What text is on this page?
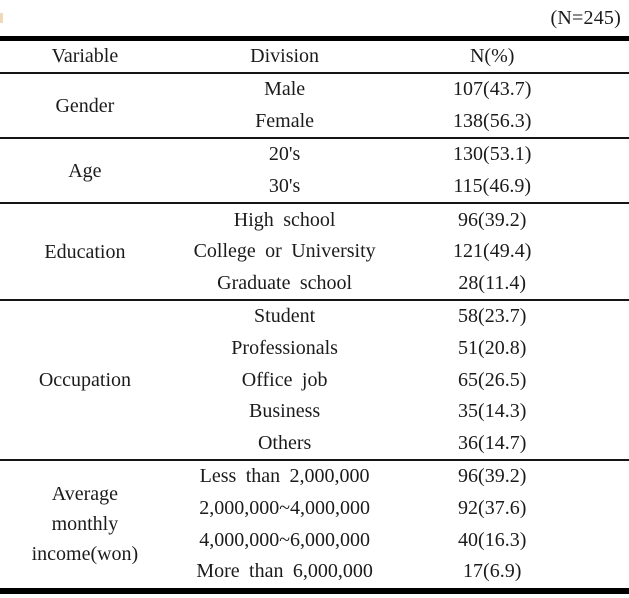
(N=245)
Variable	Division	N(%)

Gender	Male	107(43.7)
	Female	138(56.3)

Age	20's	130(53.1)
	30's	115(46.9)

Education	High school	96(39.2)
	College or University	121(49.4)
	Graduate school	28(11.4)

Occupation	Student	58(23.7)
	Professionals	51(20.8)
	Office job	65(26.5)
	Business	35(14.3)
	Others	36(14.7)

Average monthly income(won)	Less than 2,000,000	96(39.2)
	2,000,000~4,000,000	92(37.6)
	4,000,000~6,000,000	40(16.3)
	More than 6,000,000	17(6.9)
